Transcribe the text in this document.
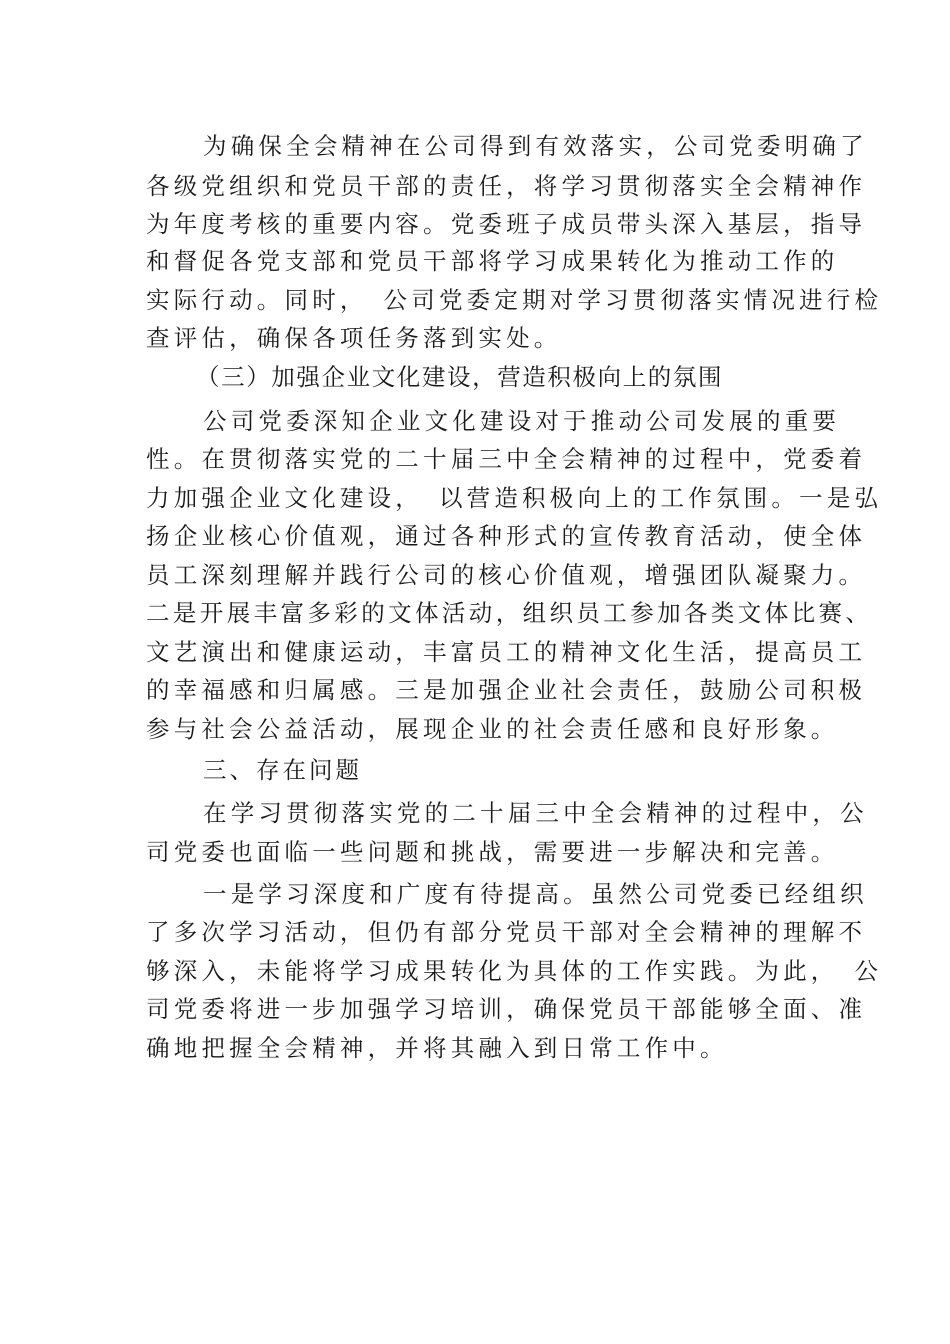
为确保全会精神在公司得到有效落实，公司党委明确了
各级党组织和党员干部的责任，将学习贯彻落实全会精神作
为年度考核的重要内容。党委班子成员带头深入基层，指导
和督促各党支部和党员干部将学习成果转化为推动工作的
实际行动。同时，　公司党委定期对学习贯彻落实情况进行检
查评估，确保各项任务落到实处。
（三）加强企业文化建设，营造积极向上的氛围
公司党委深知企业文化建设对于推动公司发展的重要
性。在贯彻落实党的二十届三中全会精神的过程中，党委着
力加强企业文化建设，　以营造积极向上的工作氛围。一是弘
扬企业核心价值观，通过各种形式的宣传教育活动，使全体
员工深刻理解并践行公司的核心价值观，增强团队凝聚力。
二是开展丰富多彩的文体活动，组织员工参加各类文体比赛、
文艺演出和健康运动，丰富员工的精神文化生活，提高员工
的幸福感和归属感。三是加强企业社会责任，鼓励公司积极
参与社会公益活动，展现企业的社会责任感和良好形象。
三、存在问题
在学习贯彻落实党的二十届三中全会精神的过程中，公
司党委也面临一些问题和挑战，需要进一步解决和完善。
一是学习深度和广度有待提高。虽然公司党委已经组织
了多次学习活动，但仍有部分党员干部对全会精神的理解不
够深入，未能将学习成果转化为具体的工作实践。为此，　公
司党委将进一步加强学习培训，确保党员干部能够全面、准
确地把握全会精神，并将其融入到日常工作中。
